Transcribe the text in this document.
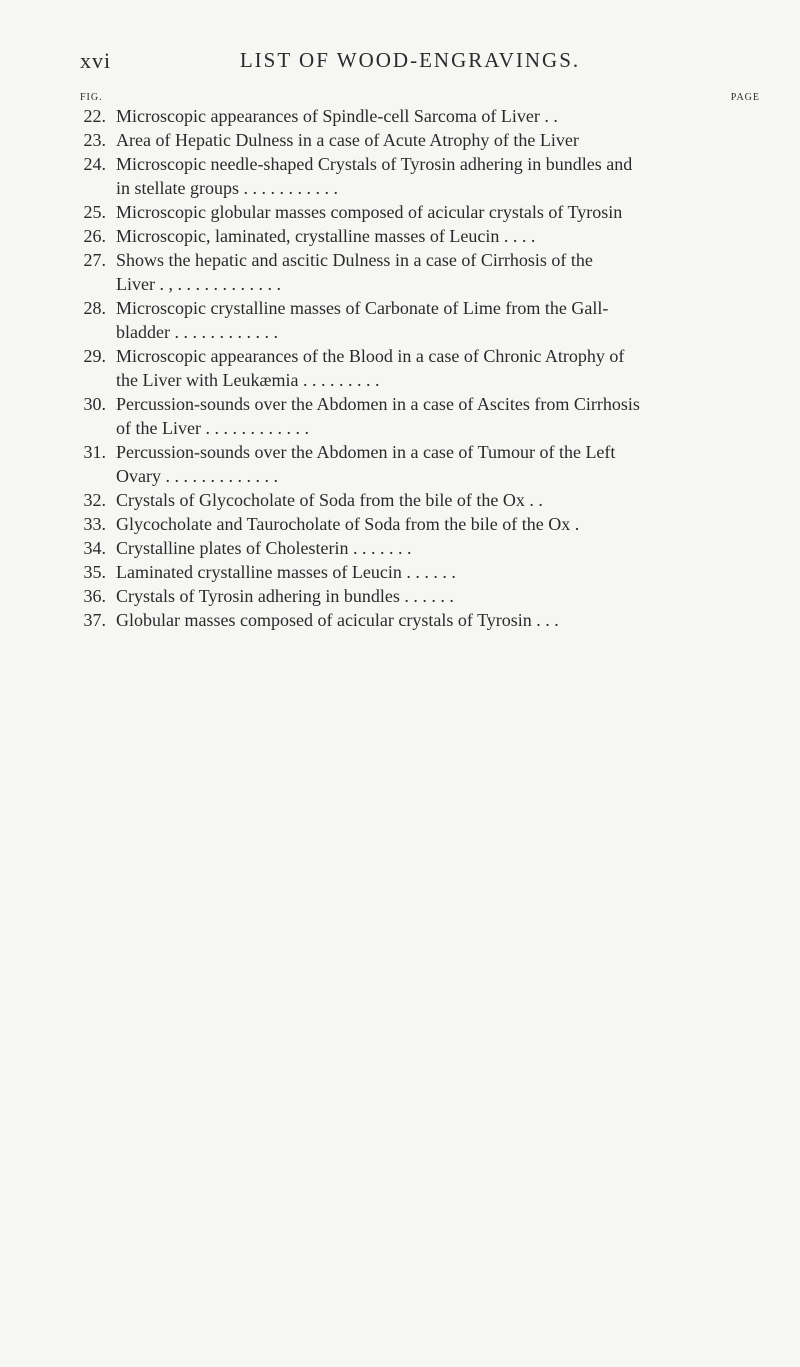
xvi	LIST OF WOOD-ENGRAVINGS.
FIG.	PAGE
22. Microscopic appearances of Spindle-cell Sarcoma of Liver . .
23. Area of Hepatic Dulness in a case of Acute Atrophy of the Liver
24. Microscopic needle-shaped Crystals of Tyrosin adhering in bundles and
in stellate groups . . . . . . . . . . .
25. Microscopic globular masses composed of acicular crystals of Tyrosin
26. Microscopic, laminated, crystalline masses of Leucin . . . .
27. Shows the hepatic and ascitic Dulness in a case of Cirrhosis of the
Liver . , . . . . . . . . . . . .
28. Microscopic crystalline masses of Carbonate of Lime from the Gall-
bladder . . . . . . . . . . . .
29. Microscopic appearances of the Blood in a case of Chronic Atrophy of
the Liver with Leukæmia . . . . . . . . .
30. Percussion-sounds over the Abdomen in a case of Ascites from Cirrhosis
of the Liver . . . . . . . . . . . .
31. Percussion-sounds over the Abdomen in a case of Tumour of the Left
Ovary . . . . . . . . . . . . .
32. Crystals of Glycocholate of Soda from the bile of the Ox . .
33. Glycocholate and Taurocholate of Soda from the bile of the Ox .
34. Crystalline plates of Cholesterin . . . . . . .
35. Laminated crystalline masses of Leucin . . . . . .
36. Crystals of Tyrosin adhering in bundles . . . . . .
37. Globular masses composed of acicular crystals of Tyrosin . . .
